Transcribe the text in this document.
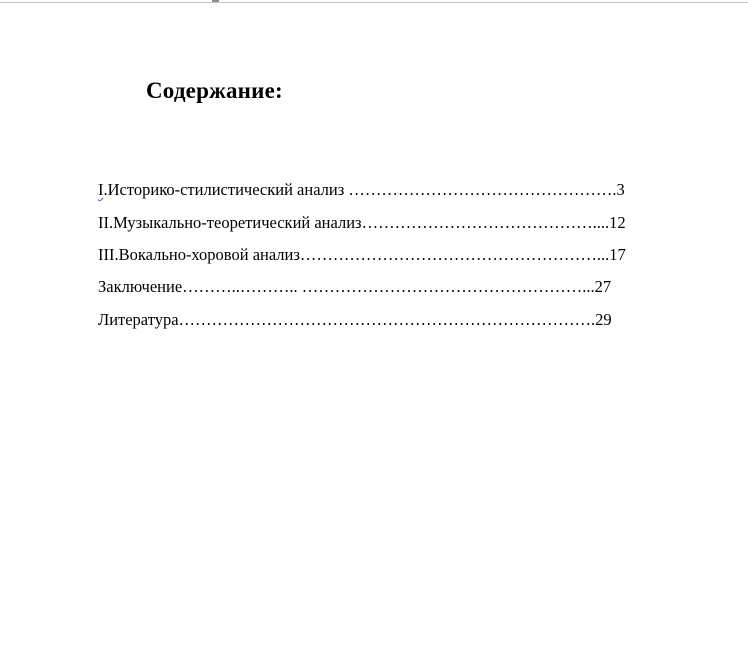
Содержание:
I.Историко-стилистический анализ ………………………………………….3
II.Музыкально-теоретический анализ……………………………………....12
III.Вокально-хоровой анализ………………………………………………...17
Заключение………..……….. ……………………………………………...27
Литература………………………………………………………………….29
